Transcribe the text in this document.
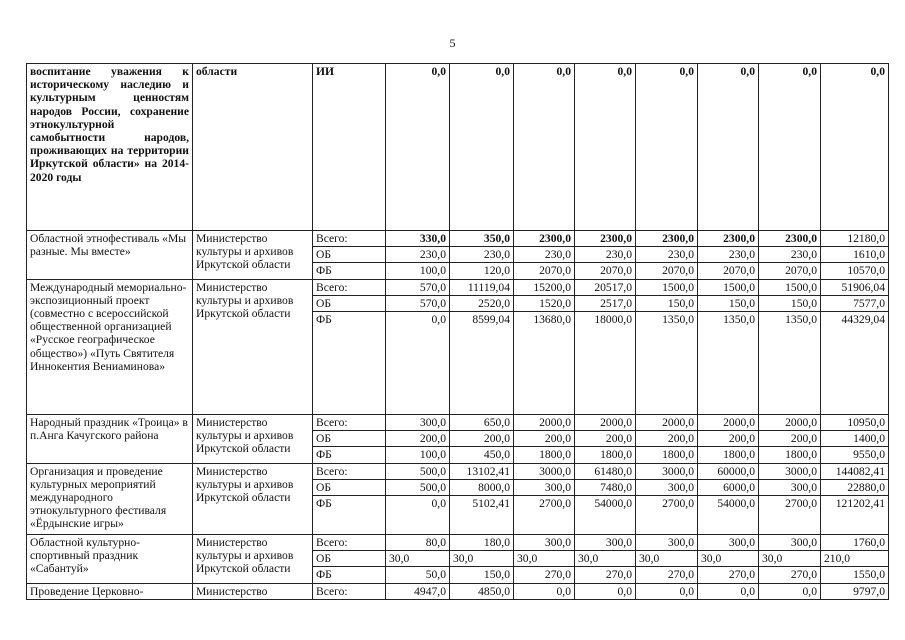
5
воспитание уважения к историческому наследию и культурным ценностям народов России, сохранение этнокультурной самобытности народов, проживающих на территории Иркутской области» на 2014-2020 годы	области	ИИ	0,0	0,0	0,0	0,0	0,0	0,0	0,0	0,0
Областной этнофестиваль «Мы разные. Мы вместе»	Министерство культуры и архивов Иркутской области	Всего:	330,0	350,0	2300,0	2300,0	2300,0	2300,0	2300,0	12180,0
		ОБ	230,0	230,0	230,0	230,0	230,0	230,0	230,0	1610,0
		ФБ	100,0	120,0	2070,0	2070,0	2070,0	2070,0	2070,0	10570,0
Международный мемориально-экспозиционный проект (совместно с всероссийской общественной организацией «Русское географическое общество») «Путь Святителя Иннокентия Вениаминова»	Министерство культуры и архивов Иркутской области	Всего:	570,0	11119,04	15200,0	20517,0	1500,0	1500,0	1500,0	51906,04
		ОБ	570,0	2520,0	1520,0	2517,0	150,0	150,0	150,0	7577,0
		ФБ	0,0	8599,04	13680,0	18000,0	1350,0	1350,0	1350,0	44329,04
Народный праздник «Троица» в п.Анга Качугского района	Министерство культуры и архивов Иркутской области	Всего:	300,0	650,0	2000,0	2000,0	2000,0	2000,0	2000,0	10950,0
		ОБ	200,0	200,0	200,0	200,0	200,0	200,0	200,0	1400,0
		ФБ	100,0	450,0	1800,0	1800,0	1800,0	1800,0	1800,0	9550,0
Организация и проведение культурных мероприятий международного этнокультурного фестиваля «Ёрдынские игры»	Министерство культуры и архивов Иркутской области	Всего:	500,0	13102,41	3000,0	61480,0	3000,0	60000,0	3000,0	144082,41
		ОБ	500,0	8000,0	300,0	7480,0	300,0	6000,0	300,0	22880,0
		ФБ	0,0	5102,41	2700,0	54000,0	2700,0	54000,0	2700,0	121202,41
Областной культурно-спортивный праздник «Сабантуй»	Министерство культуры и архивов Иркутской области	Всего:	80,0	180,0	300,0	300,0	300,0	300,0	300,0	1760,0
		ОБ	30,0	30,0	30,0	30,0	30,0	30,0	30,0	210,0
		ФБ	50,0	150,0	270,0	270,0	270,0	270,0	270,0	1550,0
Проведение Церковно-	Министерство	Всего:	4947,0	4850,0	0,0	0,0	0,0	0,0	0,0	9797,0
